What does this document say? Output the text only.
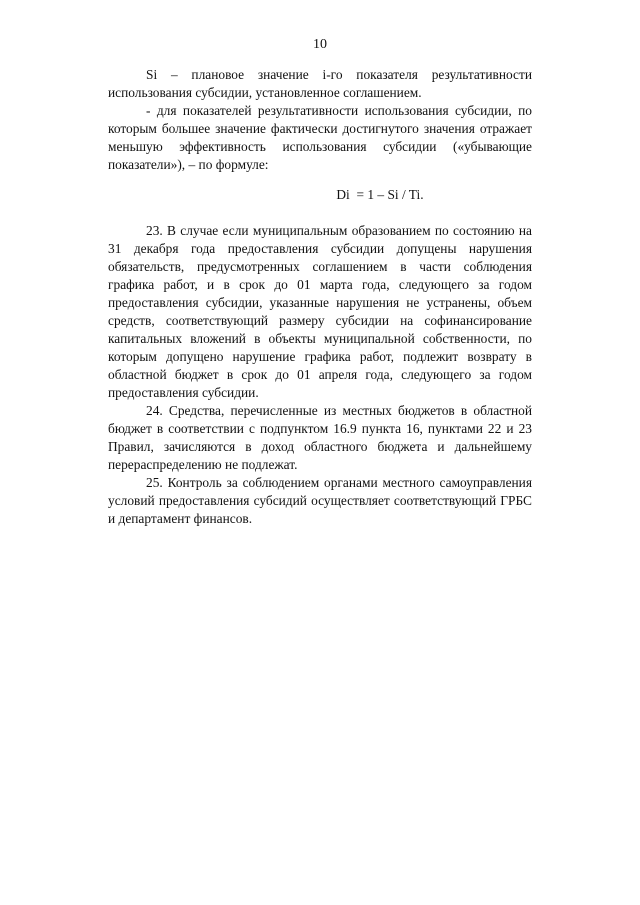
10

Si – плановое значение i-го показателя результативности использования субсидии, установленное соглашением.

- для показателей результативности использования субсидии, по которым большее значение фактически достигнутого значения отражает меньшую эффективность использования субсидии («убывающие показатели»), – по формуле:

Di  = 1 – Si / Ti.

23. В случае если муниципальным образованием по состоянию на 31 декабря года предоставления субсидии допущены нарушения обязательств, предусмотренных соглашением в части соблюдения графика работ, и в срок до 01 марта года, следующего за годом предоставления субсидии, указанные нарушения не устранены, объем средств, соответствующий размеру субсидии на софинансирование капитальных вложений в объекты муниципальной собственности, по которым допущено нарушение графика работ, подлежит возврату в областной бюджет в срок до 01 апреля года, следующего за годом предоставления субсидии.

24. Средства, перечисленные из местных бюджетов в областной бюджет в соответствии с подпунктом 16.9 пункта 16, пунктами 22 и 23 Правил, зачисляются в доход областного бюджета и дальнейшему перераспределению не подлежат.

25. Контроль за соблюдением органами местного самоуправления условий предоставления субсидий осуществляет соответствующий ГРБС и департамент финансов.
